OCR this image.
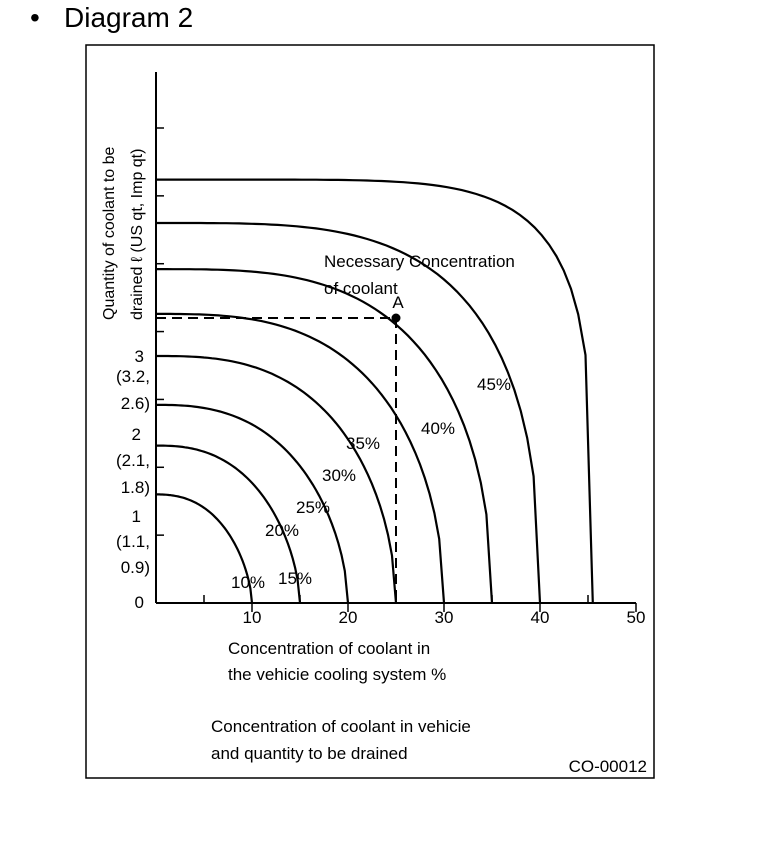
• Diagram 2
10	20	30	40	50
0
(1.1,
0.9)
1
(2.1,
1.8)
2
(3.2,
2.6)
3
10% 15%
20%
25%
30%
35%
40%
45%
A
Necessary Concentration
of coolant
Concentration of coolant in
the vehicie cooling system %
Quantity of coolant to be drained ℓ (US qt, Imp qt)
Concentration of coolant in vehicie
and quantity to be drained
CO-00012
